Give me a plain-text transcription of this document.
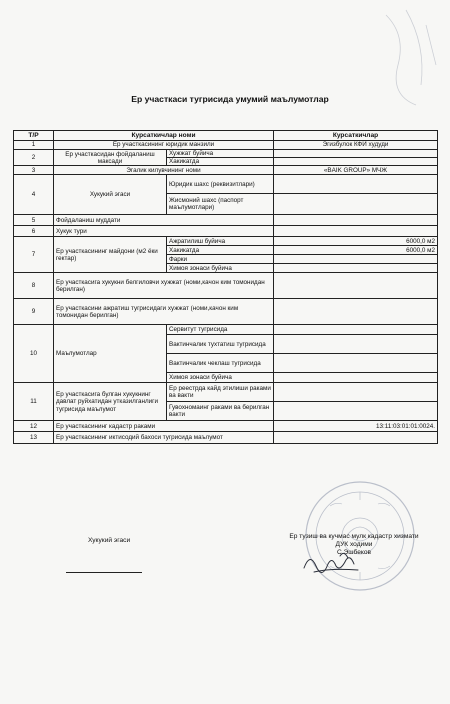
Ер участкаси тугрисида умумий маълумотлар
Т/Р	Курсаткичлар номи		Курсаткичлар
1	Ер участкасининг юридик манзили		Эгизбулок КФЙ худуди
2	Ер участкасидан фойдаланиш максади	Хужжат буйича	
		Хакикатда	
3	Эгалик килувчининг номи		«BAIK GROUP» МЧЖ
4	Хукукий эгаси	Юридик шахс (реквизитлари)	
		Жисмоний шахс (паспорт маълумотлари)	
5	Фойдаланиш муддати		
6	Хукук тури		
7	Ер участкасининг майдони (м2 ёки гектар)	Ажратилиш буйича	6000,0 м2
		Хакикатда	6000,0 м2
		Фарки	
		Химоя зонаси буйича	
8	Ер участкасига хукукни белгиловчи хужжат (номи,качон ким томонидан берилган)		
9	Ер участкасини ажратиш тугрисидаги хужжат (номи,качон ким томонидан берилган)		
10	Маълумотлар	Сервитут тугрисида	
		Вактинчалик тухтатиш тугрисида	
		Вактинчалик чеклаш тугрисида	
		Химоя зонаси буйича	
11	Ер участкасига булган хукукнинг давлат руйхатидан утказилганлиги тугрисида маълумот	Ер реестрда кайд этилиши раками ва вакти	
		Гувохномаинг раками ва берилган вакти	
12	Ер участкасининг кадастр раками		13:11:03:01:01:0024.
13	Ер участкасининг иктисодий бахоси тугрисида маълумот		
Хукукий эгаси
Ер тузиш ва кучмас мулк кадастр хизмати
ДУК ходими
С.Эшбеков
